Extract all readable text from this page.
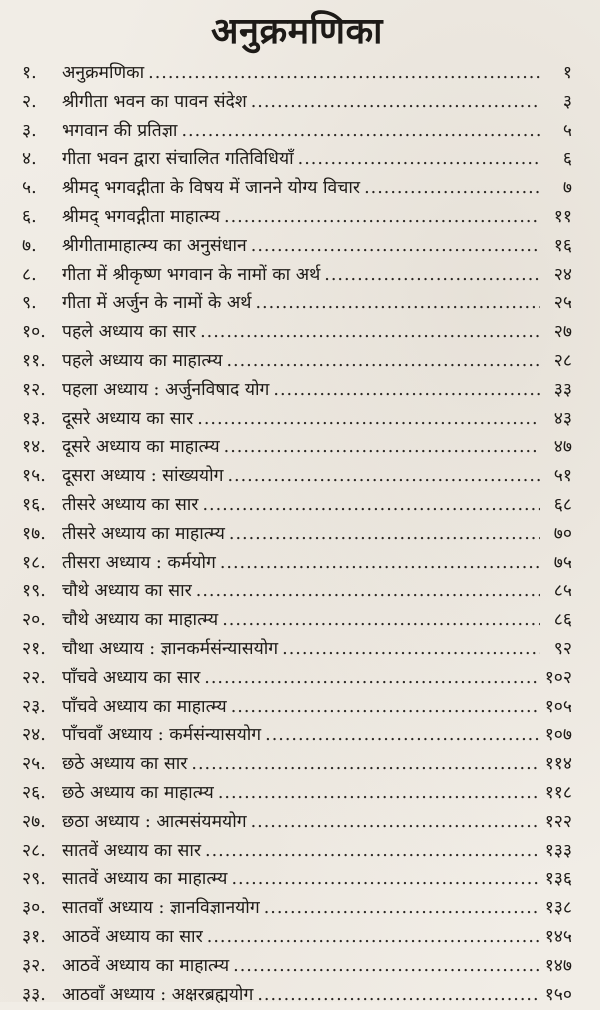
अनुक्रमणिका
१.	अनुक्रमणिका .....	१
२.	श्रीगीता भवन का पावन संदेश .....	३
३.	भगवान की प्रतिज्ञा .....	५
४.	गीता भवन द्वारा संचालित गतिविधियाँ .....	६
५.	श्रीमद् भगवद्गीता के विषय में जानने योग्य विचार .....	७
६.	श्रीमद् भगवद्गीता माहात्म्य .....	११
७.	श्रीगीतामाहात्म्य का अनुसंधान .....	१६
८.	गीता में श्रीकृष्ण भगवान के नामों का अर्थ .....	२४
९.	गीता में अर्जुन के नामों के अर्थ .....	२५
१०. पहले अध्याय का सार .....	२७
११. पहले अध्याय का माहात्म्य .....	२८
१२. पहला अध्याय : अर्जुनविषाद योग .....	३३
१३. दूसरे अध्याय का सार .....	४३
१४. दूसरे अध्याय का माहात्म्य .....	४७
१५. दूसरा अध्याय : सांख्ययोग .....	५१
१६. तीसरे अध्याय का सार .....	६८
१७. तीसरे अध्याय का माहात्म्य .....	७०
१८. तीसरा अध्याय : कर्मयोग .....	७५
१९. चौथे अध्याय का सार .....	८५
२०. चौथे अध्याय का माहात्म्य .....	८६
२१. चौथा अध्याय : ज्ञानकर्मसंन्यासयोग .....	९२
२२. पाँचवे अध्याय का सार .....	१०२
२३. पाँचवे अध्याय का माहात्म्य .....	१०५
२४. पाँचवाँ अध्याय : कर्मसंन्यासयोग .....	१०७
२५. छठे अध्याय का सार .....	११४
२६. छठे अध्याय का माहात्म्य .....	११८
२७. छठा अध्याय : आत्मसंयमयोग .....	१२२
२८. सातवें अध्याय का सार .....	१३३
२९. सातवें अध्याय का माहात्म्य .....	१३६
३०. सातवाँ अध्याय : ज्ञानविज्ञानयोग .....	१३८
३१. आठवें अध्याय का सार .....	१४५
३२. आठवें अध्याय का माहात्म्य .....	१४७
३३. आठवाँ अध्याय : अक्षरब्रह्मयोग .....	१५०
